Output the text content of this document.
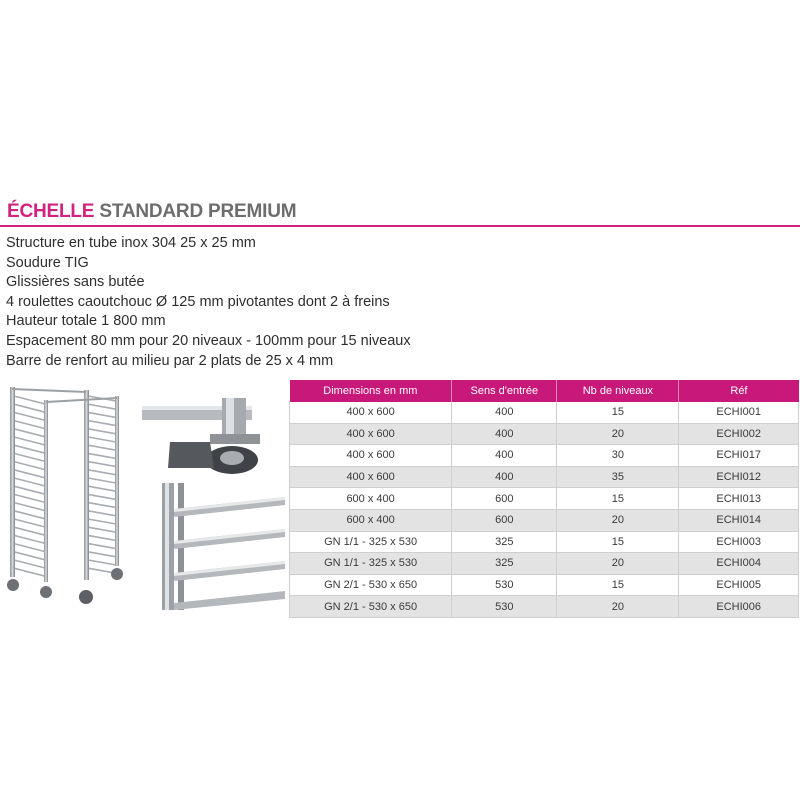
ÉCHELLE STANDARD PREMIUM
Structure en tube inox 304 25 x 25 mm
Soudure TIG
Glissières sans butée
4 roulettes caoutchouc Ø 125 mm pivotantes dont 2 à freins
Hauteur totale 1 800 mm
Espacement 80 mm pour 20 niveaux - 100mm pour 15 niveaux
Barre de renfort au milieu par 2 plats de 25 x 4 mm
Dimensions en mm	Sens d'entrée	Nb de niveaux	Réf
400 x 600	400	15	ECHI001
400 x 600	400	20	ECHI002
400 x 600	400	30	ECHI017
400 x 600	400	35	ECHI012
600 x 400	600	15	ECHI013
600 x 400	600	20	ECHI014
GN 1/1 - 325 x 530	325	15	ECHI003
GN 1/1 - 325 x 530	325	20	ECHI004
GN 2/1 - 530 x 650	530	15	ECHI005
GN 2/1 - 530 x 650	530	20	ECHI006
